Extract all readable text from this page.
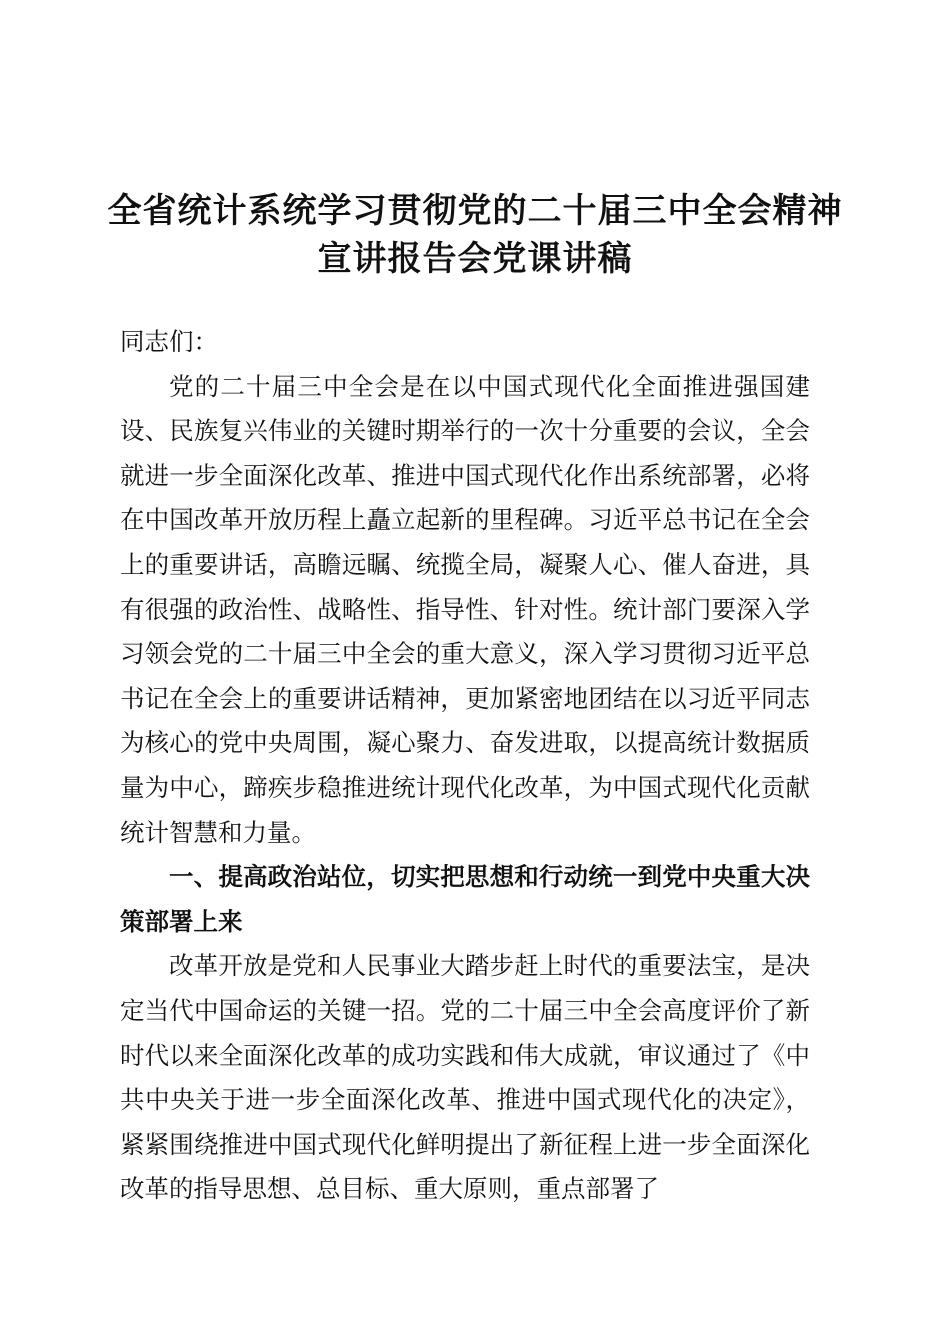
全省统计系统学习贯彻党的二十届三中全会精神宣讲报告会党课讲稿

同志们：

党的二十届三中全会是在以中国式现代化全面推进强国建设、民族复兴伟业的关键时期举行的一次十分重要的会议，全会就进一步全面深化改革、推进中国式现代化作出系统部署，必将在中国改革开放历程上矗立起新的里程碑。习近平总书记在全会上的重要讲话，高瞻远瞩、统揽全局，凝聚人心、催人奋进，具有很强的政治性、战略性、指导性、针对性。统计部门要深入学习领会党的二十届三中全会的重大意义，深入学习贯彻习近平总书记在全会上的重要讲话精神，更加紧密地团结在以习近平同志为核心的党中央周围，凝心聚力、奋发进取，以提高统计数据质量为中心，蹄疾步稳推进统计现代化改革，为中国式现代化贡献统计智慧和力量。

一、提高政治站位，切实把思想和行动统一到党中央重大决策部署上来

改革开放是党和人民事业大踏步赶上时代的重要法宝，是决定当代中国命运的关键一招。党的二十届三中全会高度评价了新时代以来全面深化改革的成功实践和伟大成就，审议通过了《中共中央关于进一步全面深化改革、推进中国式现代化的决定》，紧紧围绕推进中国式现代化鲜明提出了新征程上进一步全面深化改革的指导思想、总目标、重大原则，重点部署了
